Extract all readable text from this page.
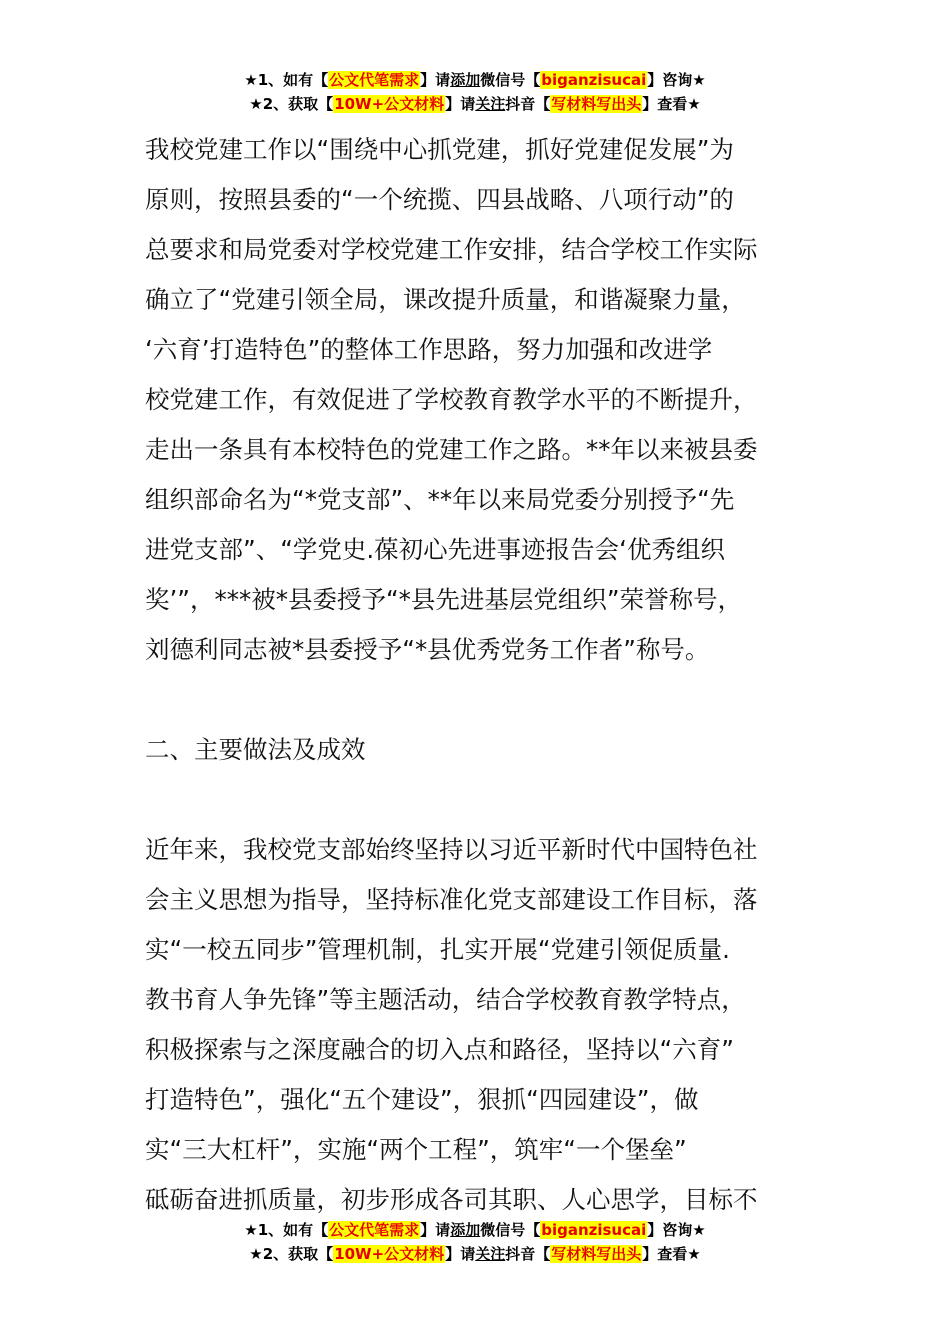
★1、如有【公文代笔需求】请添加微信号【biganzisucai】咨询★
★2、获取【10W+公文材料】请关注抖音【写材料写出头】查看★
我校党建工作以“围绕中心抓党建，抓好党建促发展”为
原则，按照县委的“一个统揽、四县战略、八项行动”的
总要求和局党委对学校党建工作安排，结合学校工作实际
确立了“党建引领全局，课改提升质量，和谐凝聚力量，
‘六育’打造特色”的整体工作思路，努力加强和改进学
校党建工作，有效促进了学校教育教学水平的不断提升，
走出一条具有本校特色的党建工作之路。**年以来被县委
组织部命名为“*党支部”、**年以来局党委分别授予“先
进党支部”、“学党史.葆初心先进事迹报告会‘优秀组织
奖’”，***被*县委授予“*县先进基层党组织”荣誉称号，
刘德利同志被*县委授予“*县优秀党务工作者”称号。
二、主要做法及成效
近年来，我校党支部始终坚持以习近平新时代中国特色社
会主义思想为指导，坚持标准化党支部建设工作目标，落
实“一校五同步”管理机制，扎实开展“党建引领促质量.
教书育人争先锋”等主题活动，结合学校教育教学特点，
积极探索与之深度融合的切入点和路径，坚持以“六育”
打造特色”，强化“五个建设”，狠抓“四园建设”，做
实“三大杠杆”，实施“两个工程”，筑牢“一个堡垒”
砥砺奋进抓质量，初步形成各司其职、人心思学，目标不
★1、如有【公文代笔需求】请添加微信号【biganzisucai】咨询★
★2、获取【10W+公文材料】请关注抖音【写材料写出头】查看★
